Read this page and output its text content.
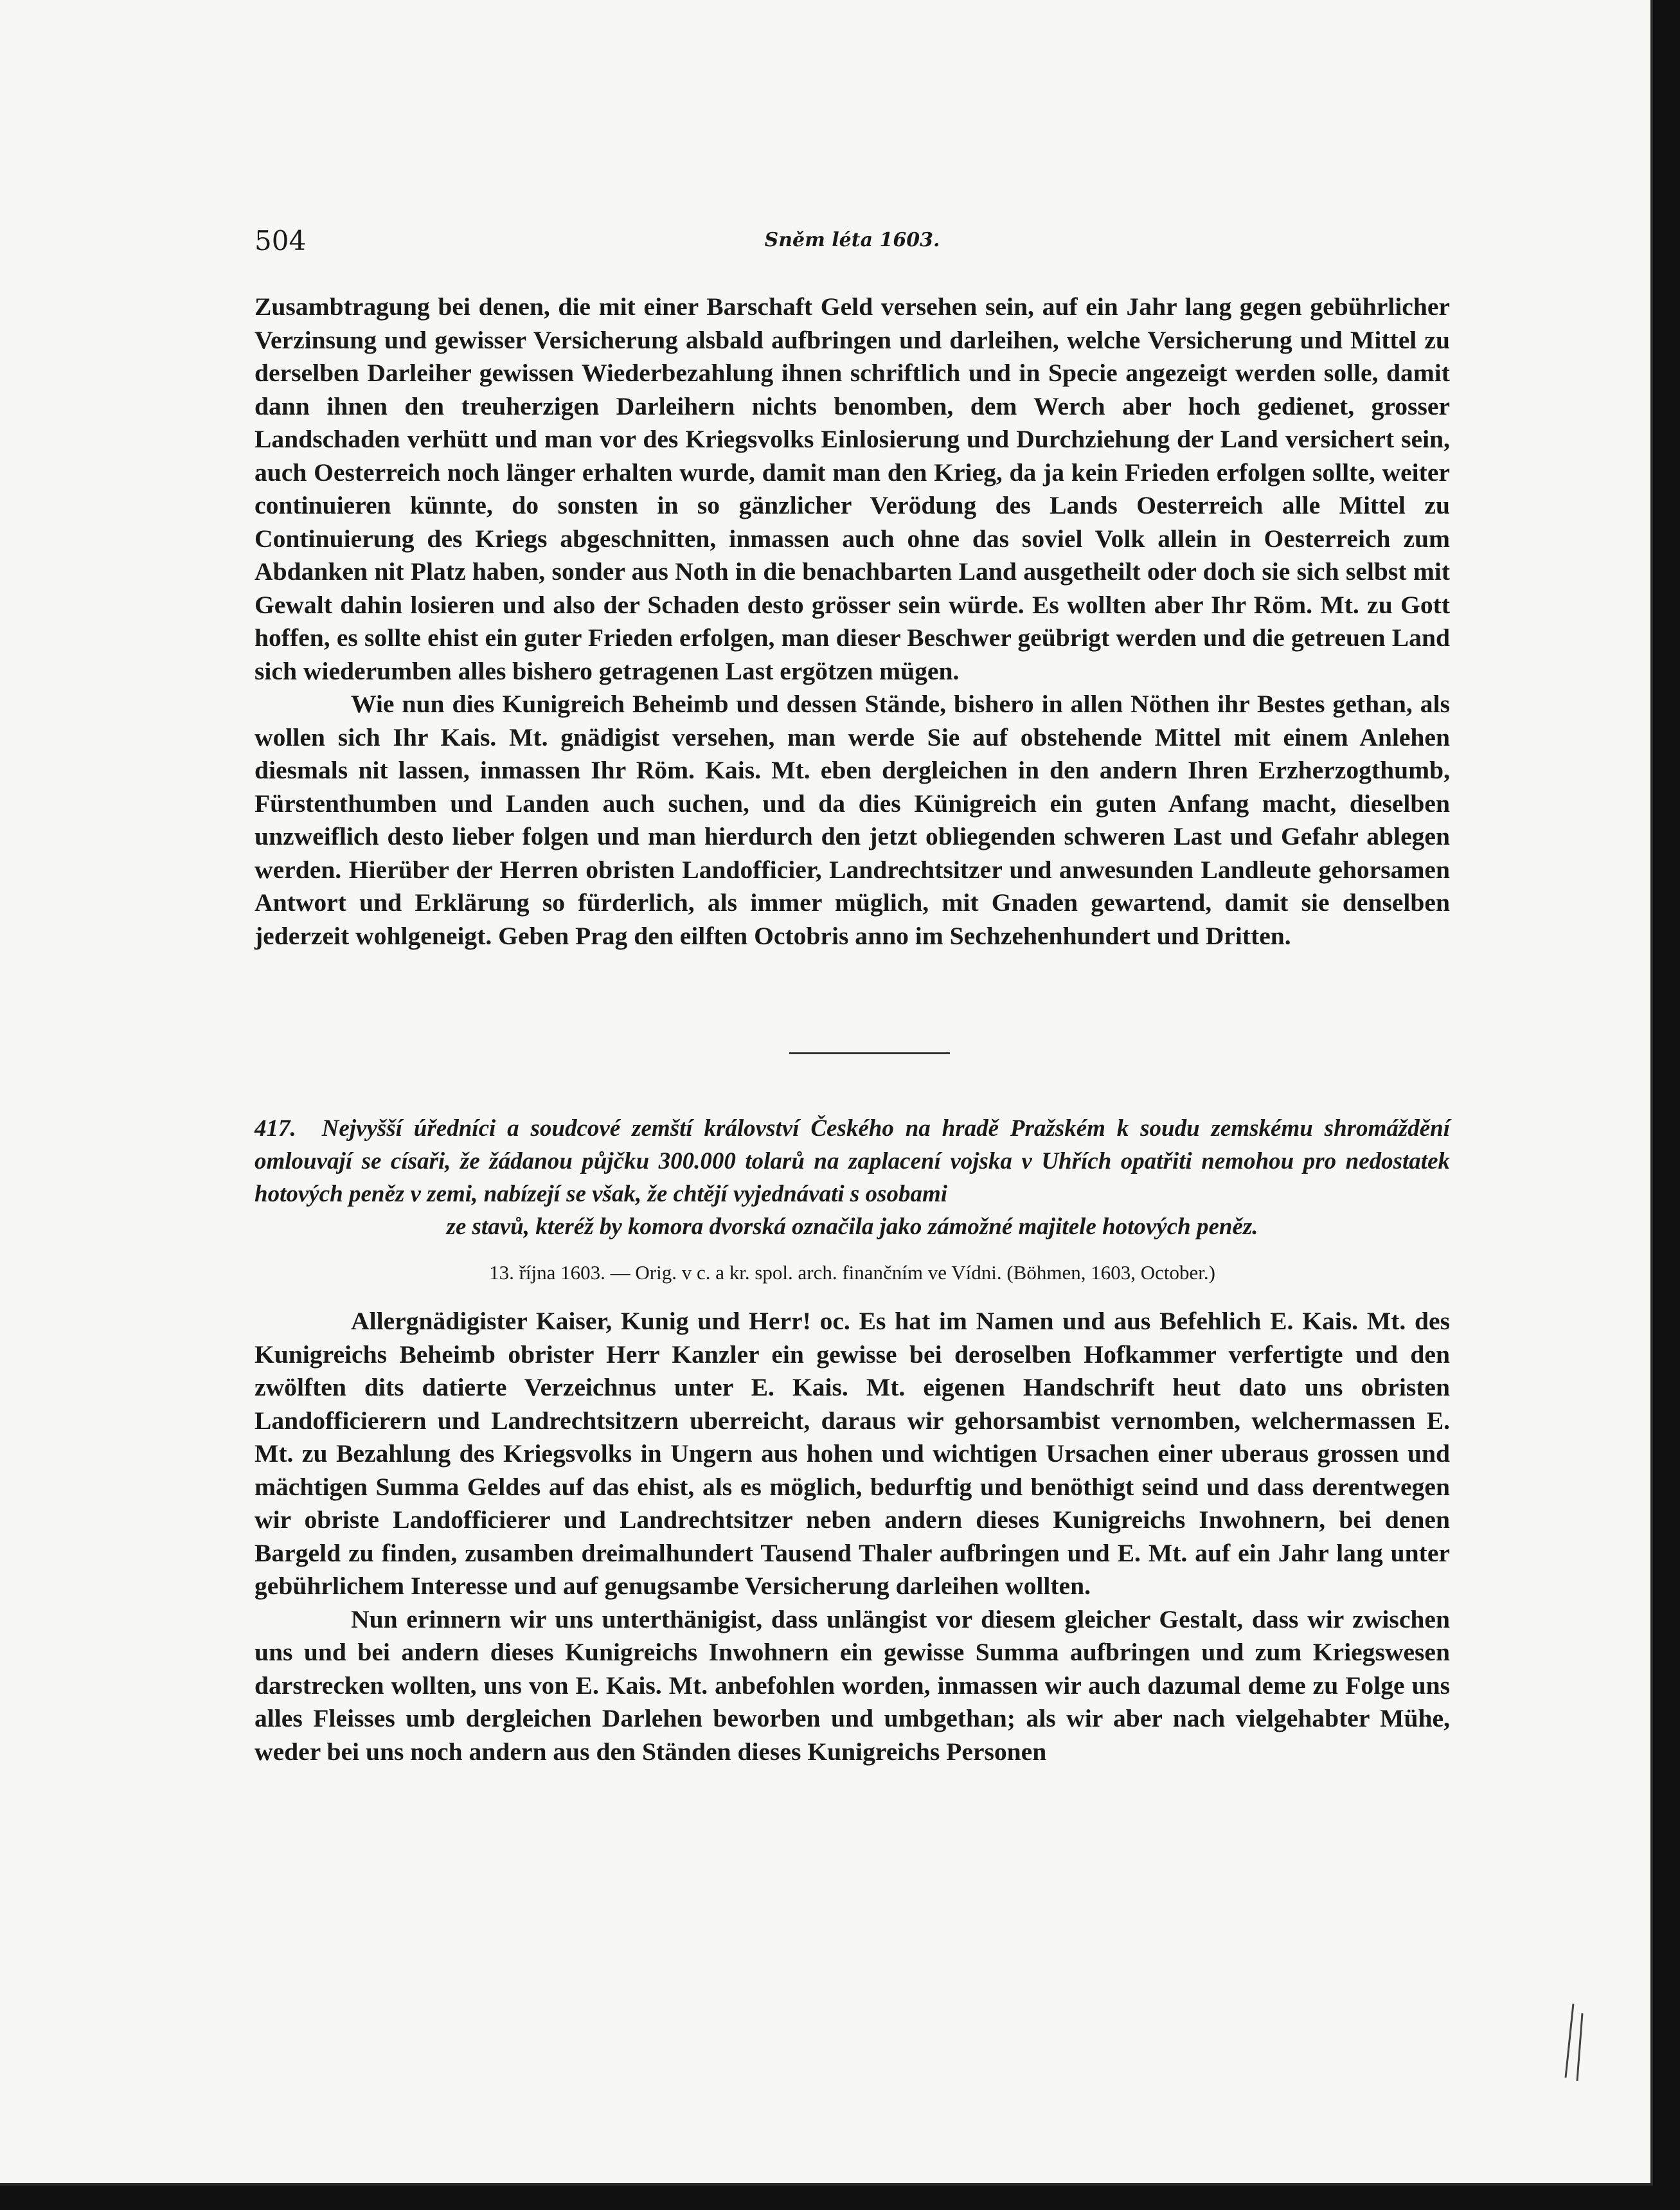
504	Sněm léta 1603.

Zusambtragung bei denen, die mit einer Barschaft Geld versehen sein, auf ein Jahr lang gegen gebührlicher Verzinsung und gewisser Versicherung alsbald aufbringen und darleihen, welche Versicherung und Mittel zu derselben Darleiher gewissen Wiederbezahlung ihnen schriftlich und in Specie angezeigt werden solle, damit dann ihnen den treuherzigen Darleihern nichts benomben, dem Werch aber hoch gedienet, grosser Landschaden verhütt und man vor des Kriegsvolks Einlosierung und Durchziehung der Land versichert sein, auch Oesterreich noch länger erhalten wurde, damit man den Krieg, da ja kein Frieden erfolgen sollte, weiter continuieren künnte, do sonsten in so gänzlicher Verödung des Lands Oesterreich alle Mittel zu Continuierung des Kriegs abgeschnitten, inmassen auch ohne das soviel Volk allein in Oesterreich zum Abdanken nit Platz haben, sonder aus Noth in die benachbarten Land ausgetheilt oder doch sie sich selbst mit Gewalt dahin losieren und also der Schaden desto grösser sein würde. Es wollten aber Ihr Röm. Mt. zu Gott hoffen, es sollte ehist ein guter Frieden erfolgen, man dieser Beschwer geübrigt werden und die getreuen Land sich wiederumben alles bishero getragenen Last ergötzen mügen.

Wie nun dies Kunigreich Beheimb und dessen Stände, bishero in allen Nöthen ihr Bestes gethan, als wollen sich Ihr Kais. Mt. gnädigist versehen, man werde Sie auf obstehende Mittel mit einem Anlehen diesmals nit lassen, inmassen Ihr Röm. Kais. Mt. eben dergleichen in den andern Ihren Erzherzogthumb, Fürstenthumben und Landen auch suchen, und da dies Künigreich ein guten Anfang macht, dieselben unzweiflich desto lieber folgen und man hierdurch den jetzt obliegenden schweren Last und Gefahr ablegen werden. Hierüber der Herren obristen Landofficier, Landrechtsitzer und anwesunden Landleute gehorsamen Antwort und Erklärung so fürderlich, als immer müglich, mit Gnaden gewartend, damit sie denselben jederzeit wohlgeneigt. Geben Prag den eilften Octobris anno im Sechzehenhundert und Dritten.

417. Nejvyšší úředníci a soudcové zemští království Českého na hradě Pražském k soudu zemskému shromáždění omlouvají se císaři, že žádanou půjčku 300.000 tolarů na zaplacení vojska v Uhřích opatřiti nemohou pro nedostatek hotových peněz v zemi, nabízejí se však, že chtějí vyjednávati s osobami
ze stavů, kteréž by komora dvorská označila jako zámožné majitele hotových peněz.
13. října 1603. — Orig. v c. a kr. spol. arch. finančním ve Vídni. (Böhmen, 1603, October.)

Allergnädigister Kaiser, Kunig und Herr! oc. Es hat im Namen und aus Befehlich E. Kais. Mt. des Kunigreichs Beheimb obrister Herr Kanzler ein gewisse bei deroselben Hofkammer verfertigte und den zwölften dits datierte Verzeichnus unter E. Kais. Mt. eigenen Handschrift heut dato uns obristen Landofficierern und Landrechtsitzern uberreicht, daraus wir gehorsambist vernomben, welchermassen E. Mt. zu Bezahlung des Kriegsvolks in Ungern aus hohen und wichtigen Ursachen einer uberaus grossen und mächtigen Summa Geldes auf das ehist, als es möglich, bedurftig und benöthigt seind und dass derentwegen wir obriste Landofficierer und Landrechtsitzer neben andern dieses Kunigreichs Inwohnern, bei denen Bargeld zu finden, zusamben dreimalhundert Tausend Thaler aufbringen und E. Mt. auf ein Jahr lang unter gebührlichem Interesse und auf genugsambe Versicherung darleihen wollten.

Nun erinnern wir uns unterthänigist, dass unlängist vor diesem gleicher Gestalt, dass wir zwischen uns und bei andern dieses Kunigreichs Inwohnern ein gewisse Summa aufbringen und zum Kriegswesen darstrecken wollten, uns von E. Kais. Mt. anbefohlen worden, inmassen wir auch dazumal deme zu Folge uns alles Fleisses umb dergleichen Darlehen beworben und umbgethan; als wir aber nach vielgehabter Mühe, weder bei uns noch andern aus den Ständen dieses Kunigreichs Personen
